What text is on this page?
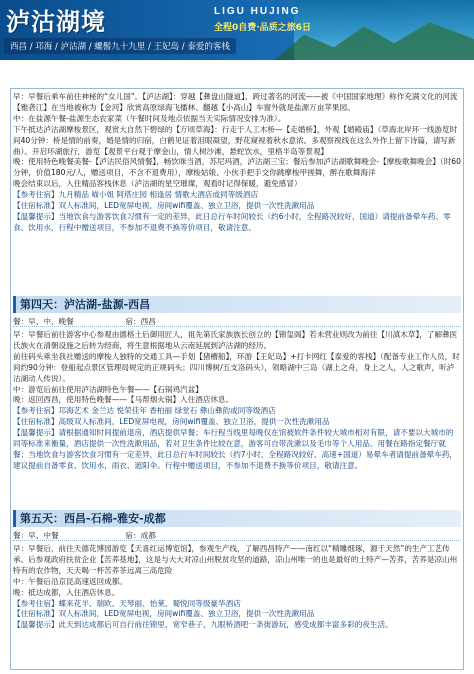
泸沽湖境	LIGU HUJING
全程0自费·品质之旅6日
西昌 / 邛海 / 泸沽湖 / 螺髻九十九里 / 王妃岛 / 泰爱的客栈

早：早餐后乘车前往神秘的“女儿国”。【泸沽湖】：穿越【彝盘山隧道】，跨过著名的河流——被《中国国家地理》称作充满文化的河流【雅砻江】在当地被称为【金河】欣赏高原绿海飞播林、翻越【小高山】车窗外就是盐源万亩苹果园。

中：在盐源午餐-盐源生态农家菜（午餐时间及地点依据当天实际情况安排为准）。

下午抵达泸沽湖摩梭景区，观赏大自然下碧绿的【万顷草海】：行走于人工木桥—【走婚桥】，外观【婚殿庙】（草海北岸环一线游览时间40分钟：桥是情的前奏，婚是情的归宿，白鹤见证着泪眼凝望，野花窥视着秋水意浓。多观察视线在这么外作上留下诗篇，请写新曲）。开启环湖旅行，游览【观景平台观于摩金山，情人树沙滩，悬蛇饮水，里格半岛等景观】

晚：使用特色晚餐美餐-【泸沽民俗风情餐】，畅饮咪当酒，苏尼玛酒，泸沽湖三宝；餐后参加泸沽湖歌舞晚会-【摩梭歌舞晚会】（时60分钟，价值180元/人，赠送项目，不含不退费用），摩梭姑娘、小伙手把手交你跳摩梭甲搓舞，醉在歌舞海洋

晚会结束以后，入住精品客栈休息（泸沽湖的星空璀璨，观看时记得保暖，避免感冒）

【参考住宿】九月精品 喵小姐 阿塔庄园 相逢居 情歌大酒店或同等级酒店

【住宿标准】双人标准间，LED宽屏电视，房间wifi覆盖、独立卫浴，提供一次性洗漱用品

【温馨提示】当地饮食与游客饮食习惯有一定的差异，此日总行车时间较长（约6小时，全程路况较好，国道）请提前备晕车药、零食、饮用水，行程中赠送项目，不参加不退费不换等价项目，敬请注意。

第四天：泸沽湖-盐源-西昌
餐：早、中、晚餐	宿：西昌

早：早餐后前往游客中心参观由德格土后御用匠人，祖先第氏家族族长创立的【锦玺阁】若未营业则改为前往【川滇木草】，了解彝医氏族火在清朝设施之后转为经商，将生意根据地从云南延展到泸沽湖的经历。

前往码头乘坐我社赠送的摩梭人独特的交通工具—手划【猪槽船】，环游【王妃岛】+打卡网红【泰爱的客栈】（配备专业工作人员，时间约90分钟：登船起点景区管理局规定的正规码头；四川博树/五支洛码头），领略湖中三岛（湖上之舟，身上之人，人之歌声，听泸沽湖动人传说）。

中：游览后前往使用泸沽湖特色午餐——【石锅鸡汽盆】

晚：返回西昌，使用特色晚餐——【马帮烟火锅】入住酒店休息。

【参考住宿】邛海艺术 金兰达 悦荣佳年 香柏丽 绿堂石 彝山彝韵或同等级酒店

【住宿标准】高级双人标准间，LED宽屏电视，房间wifi覆盖、独立卫浴，提供一次性洗漱用品

【温馨提示】请根据通知时间提前退房，酒店提供早餐；车行程当线里每晚仅在馆被软件条件较大城市相对有限，请不要以大城市的同等标准来衡量，酒店提供一次性洗漱用品，若对卫生条件比较在意，游客可自带洗漱以及毛巾等个人用品。用餐在路指定餐厅就餐；当地饮食与游客饮食习惯有一定差异，此日总行车时间较长（约7小时，全程路况较好，高速+国道）易晕车者请提前备晕车药，建议提前自备零食、饮用水，雨衣、遮阳伞。行程中赠送项目，不参加不退费不换等价项目，敬请注意。

第五天：西昌-石棉-雅安-成都
餐：早、中餐	宿：成都

早：早餐后，前往天德花博园游览【天喜红运博览馆】，参观生产线，了解西昌特产——南红以“精雕细琢，源于天然”的生产工艺传承。后参观政府扶贫企业【苦荞基地】，这是与大大对凉山州脱贫攻坚的道路，凉山州唯一的也是最好的土特产—苦荞，苦荞是凉山州特有的农作物，天天喝一杯苦荞茶远离三高危险

中：午餐后沿京昆高速返回成都。

晚：抵达成都，入住酒店休息。

【参考住宿】蝶来花半、瑞欧、天琴丽、怡莱、蜀悦同等级豪华酒店

【住宿标准】双人标准间，LED宽屏电视，房间wifi覆盖、独立卫浴，提供一次性洗漱用品

【温馨提示】此天到达成都后可自行前往锦里、宽窄巷子、九眼桥酒吧一条街游玩，感受成都丰富多彩的夜生活。
